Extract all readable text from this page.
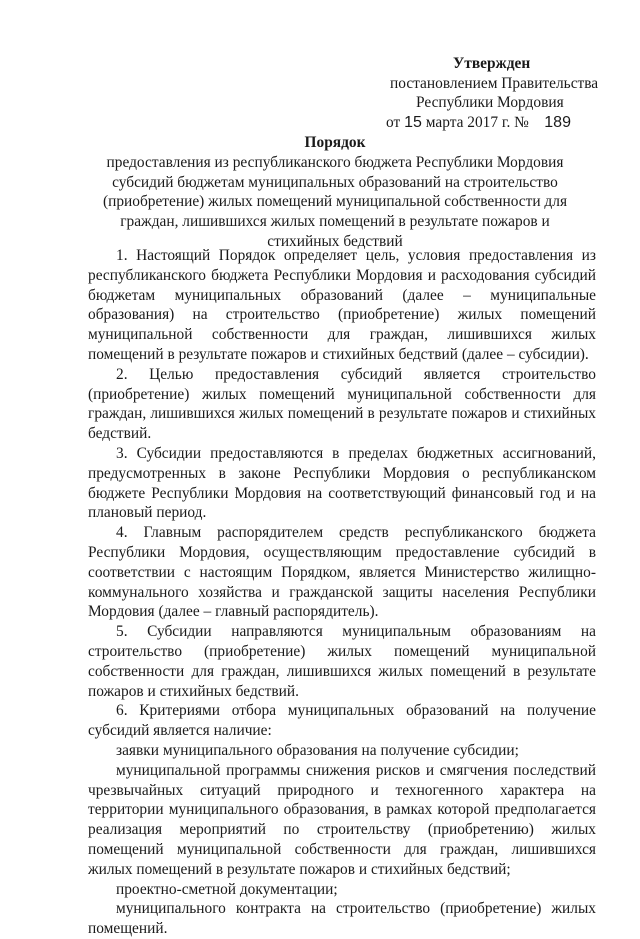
Утвержден
постановлением Правительства
Республики Мордовия
от 15 марта 2017 г. № 189
Порядок

предоставления из республиканского бюджета Республики Мордовия субсидий бюджетам муниципальных образований на строительство (приобретение) жилых помещений муниципальной собственности для граждан, лишившихся жилых помещений в результате пожаров и стихийных бедствий

1. Настоящий Порядок определяет цель, условия предоставления из республиканского бюджета Республики Мордовия и расходования субсидий бюджетам муниципальных образований (далее – муниципальные образования) на строительство (приобретение) жилых помещений муниципальной собственности для граждан, лишившихся жилых помещений в результате пожаров и стихийных бедствий (далее – субсидии).

2. Целью предоставления субсидий является строительство (приобретение) жилых помещений муниципальной собственности для граждан, лишившихся жилых помещений в результате пожаров и стихийных бедствий.

3. Субсидии предоставляются в пределах бюджетных ассигнований, предусмотренных в законе Республики Мордовия о республиканском бюджете Республики Мордовия на соответствующий финансовый год и на плановый период.

4. Главным распорядителем средств республиканского бюджета Республики Мордовия, осуществляющим предоставление субсидий в соответствии с настоящим Порядком, является Министерство жилищно-коммунального хозяйства и гражданской защиты населения Республики Мордовия (далее – главный распорядитель).

5. Субсидии направляются муниципальным образованиям на строительство (приобретение) жилых помещений муниципальной собственности для граждан, лишившихся жилых помещений в результате пожаров и стихийных бедствий.

6. Критериями отбора муниципальных образований на получение субсидий является наличие:

заявки муниципального образования на получение субсидии;

муниципальной программы снижения рисков и смягчения последствий чрезвычайных ситуаций природного и техногенного характера на территории муниципального образования, в рамках которой предполагается реализация мероприятий по строительству (приобретению) жилых помещений муниципальной собственности для граждан, лишившихся жилых помещений в результате пожаров и стихийных бедствий;

проектно-сметной документации;

муниципального контракта на строительство (приобретение) жилых помещений.
